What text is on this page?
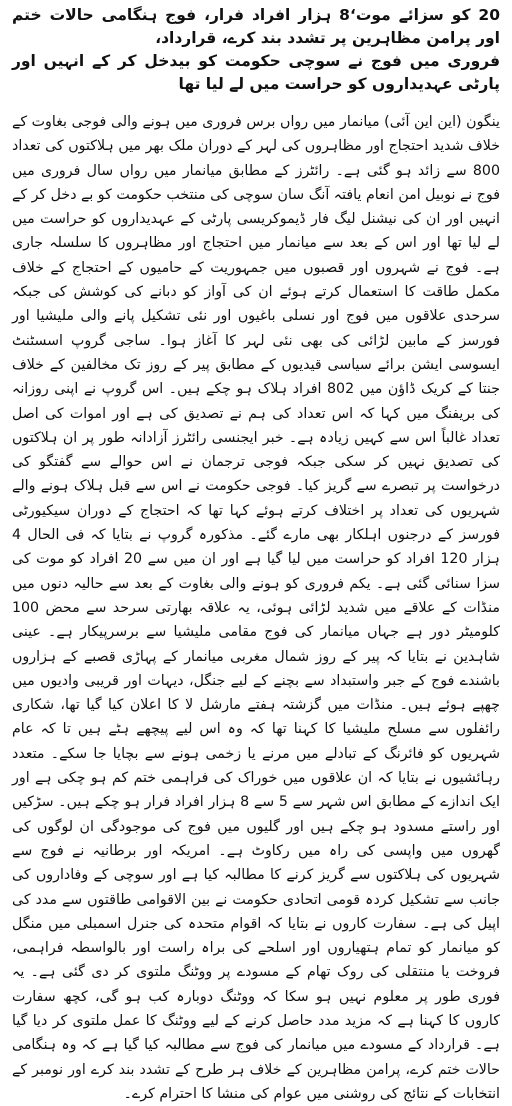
20 کو سزائے موت‘8 ہزار افراد فرار، فوج ہنگامی حالات ختم اور پرامن مظاہرین پر تشدد بند کرے، قرارداد،
فروری میں فوج نے سوچی حکومت کو بیدخل کر کے انہیں اور پارٹی عہدیداروں کو حراست میں لے لیا تھا

ینگون (این این آئی) میانمار میں رواں برس فروری میں ہونے والی فوجی بغاوت کے خلاف شدید احتجاج اور مظاہروں کی لہر کے دوران ملک بھر میں ہلاکتوں کی تعداد 800 سے زائد ہو گئی ہے۔ رائٹرز کے مطابق میانمار میں رواں سال فروری میں فوج نے نوبیل امن انعام یافتہ آنگ سان سوچی کی منتخب حکومت کو بے دخل کر کے انہیں اور ان کی نیشنل لیگ فار ڈیموکریسی پارٹی کے عہدیداروں کو حراست میں لے لیا تھا اور اس کے بعد سے میانمار میں احتجاج اور مظاہروں کا سلسلہ جاری ہے۔ فوج نے شہروں اور قصبوں میں جمہوریت کے حامیوں کے احتجاج کے خلاف مکمل طاقت کا استعمال کرتے ہوئے ان کی آواز کو دبانے کی کوشش کی جبکہ سرحدی علاقوں میں فوج اور نسلی باغیوں اور نئی تشکیل پانے والی ملیشیا اور فورسز کے مابین لڑائی کی بھی نئی لہر کا آغاز ہوا۔ ساجی گروپ اسسٹنٹ ایسوسی ایشن برائے سیاسی قیدیوں کے مطابق پیر کے روز تک مخالفین کے خلاف جنتا کے کریک ڈاؤن میں 802 افراد ہلاک ہو چکے ہیں۔ اس گروپ نے اپنی روزانہ کی بریفنگ میں کہا کہ اس تعداد کی ہم نے تصدیق کی ہے اور اموات کی اصل تعداد غالباً اس سے کہیں زیادہ ہے۔ خبر ایجنسی رائٹرز آزادانہ طور پر ان ہلاکتوں کی تصدیق نہیں کر سکی جبکہ فوجی ترجمان نے اس حوالے سے گفتگو کی درخواست پر تبصرے سے گریز کیا۔ فوجی حکومت نے اس سے قبل ہلاک ہونے والے شہریوں کی تعداد پر اختلاف کرتے ہوئے کہا تھا کہ احتجاج کے دوران سیکیورٹی فورسز کے درجنوں اہلکار بھی مارے گئے۔ مذکورہ گروپ نے بتایا کہ فی الحال 4 ہزار 120 افراد کو حراست میں لیا گیا ہے اور ان میں سے 20 افراد کو موت کی سزا سنائی گئی ہے۔ یکم فروری کو ہونے والی بغاوت کے بعد سے حالیہ دنوں میں منڈات کے علاقے میں شدید لڑائی ہوئی، یہ علاقہ بھارتی سرحد سے محض 100 کلومیٹر دور ہے جہاں میانمار کی فوج مقامی ملیشیا سے برسرپیکار ہے۔ عینی شاہدین نے بتایا کہ پیر کے روز شمال مغربی میانمار کے پہاڑی قصبے کے ہزاروں باشندے فوج کے جبر واستبداد سے بچنے کے لیے جنگل، دیہات اور قریبی وادیوں میں چھپے ہوئے ہیں۔ منڈات میں گزشتہ ہفتے مارشل لا کا اعلان کیا گیا تھا، شکاری رائفلوں سے مسلح ملیشیا کا کہنا تھا کہ وہ اس لیے پیچھے ہٹے ہیں تا کہ عام شہریوں کو فائرنگ کے تبادلے میں مرنے یا زخمی ہونے سے بچایا جا سکے۔ متعدد رہائشیوں نے بتایا کہ ان علاقوں میں خوراک کی فراہمی ختم کم ہو چکی ہے اور ایک اندازے کے مطابق اس شہر سے 5 سے 8 ہزار افراد فرار ہو چکے ہیں۔ سڑکیں اور راستے مسدود ہو چکے ہیں اور گلیوں میں فوج کی موجودگی ان لوگوں کی گھروں میں واپسی کی راہ میں رکاوٹ ہے۔ امریکہ اور برطانیہ نے فوج سے شہریوں کی ہلاکتوں سے گریز کرنے کا مطالبہ کیا ہے اور سوچی کے وفاداروں کی جانب سے تشکیل کردہ قومی اتحادی حکومت نے بین الاقوامی طاقتوں سے مدد کی اپیل کی ہے۔ سفارت کاروں نے بتایا کہ اقوام متحدہ کی جنرل اسمبلی میں منگل کو میانمار کو تمام ہتھیاروں اور اسلحے کی براہ راست اور بالواسطہ فراہمی، فروخت یا منتقلی کی روک تھام کے مسودے پر ووٹنگ ملتوی کر دی گئی ہے۔ یہ فوری طور پر معلوم نہیں ہو سکا کہ ووٹنگ دوبارہ کب ہو گی، کچھ سفارت کاروں کا کہنا ہے کہ مزید مدد حاصل کرنے کے لیے ووٹنگ کا عمل ملتوی کر دیا گیا ہے۔ قرارداد کے مسودے میں میانمار کی فوج سے مطالبہ کیا گیا ہے کہ وہ ہنگامی حالات ختم کرے، پرامن مظاہرین کے خلاف ہر طرح کے تشدد بند کرے اور نومبر کے انتخابات کے نتائج کی روشنی میں عوام کی منشا کا احترام کرے۔
